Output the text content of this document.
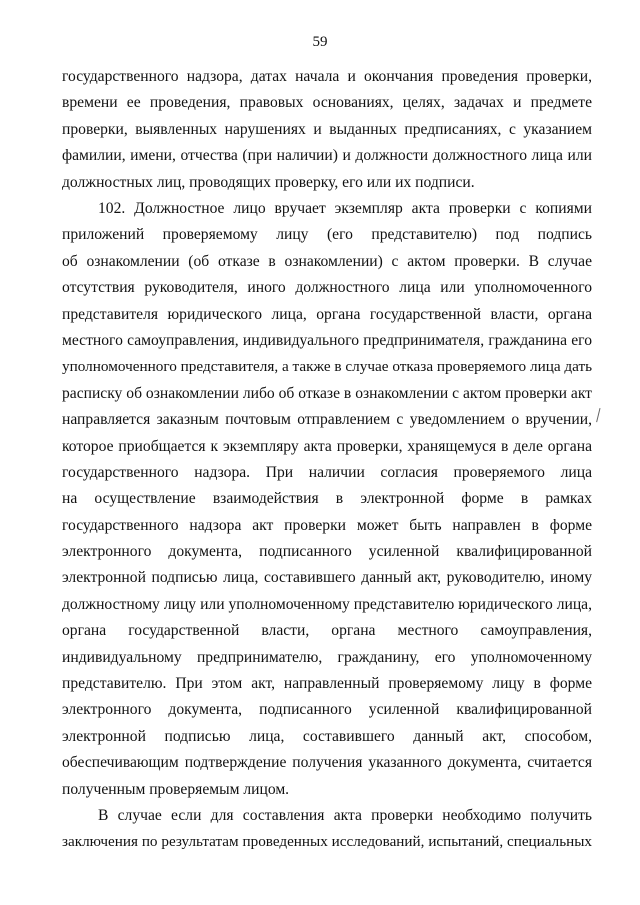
59
государственного надзора, датах начала и окончания проведения проверки,
времени ее проведения, правовых основаниях, целях, задачах и предмете
проверки, выявленных нарушениях и выданных предписаниях, с указанием
фамилии, имени, отчества (при наличии) и должности должностного лица или
должностных лиц, проводящих проверку, его или их подписи.
102. Должностное лицо вручает экземпляр акта проверки с копиями
приложений проверяемому лицу (его представителю) под подпись
об ознакомлении (об отказе в ознакомлении) с актом проверки. В случае
отсутствия руководителя, иного должностного лица или уполномоченного
представителя юридического лица, органа государственной власти, органа
местного самоуправления, индивидуального предпринимателя, гражданина его
уполномоченного представителя, а также в случае отказа проверяемого лица дать
расписку об ознакомлении либо об отказе в ознакомлении с актом проверки акт
направляется заказным почтовым отправлением с уведомлением о вручении,
которое приобщается к экземпляру акта проверки, хранящемуся в деле органа
государственного надзора. При наличии согласия проверяемого лица
на осуществление взаимодействия в электронной форме в рамках
государственного надзора акт проверки может быть направлен в форме
электронного документа, подписанного усиленной квалифицированной
электронной подписью лица, составившего данный акт, руководителю, иному
должностному лицу или уполномоченному представителю юридического лица,
органа государственной власти, органа местного самоуправления,
индивидуальному предпринимателю, гражданину, его уполномоченному
представителю. При этом акт, направленный проверяемому лицу в форме
электронного документа, подписанного усиленной квалифицированной
электронной подписью лица, составившего данный акт, способом,
обеспечивающим подтверждение получения указанного документа, считается
полученным проверяемым лицом.
В случае если для составления акта проверки необходимо получить
заключения по результатам проведенных исследований, испытаний, специальных
